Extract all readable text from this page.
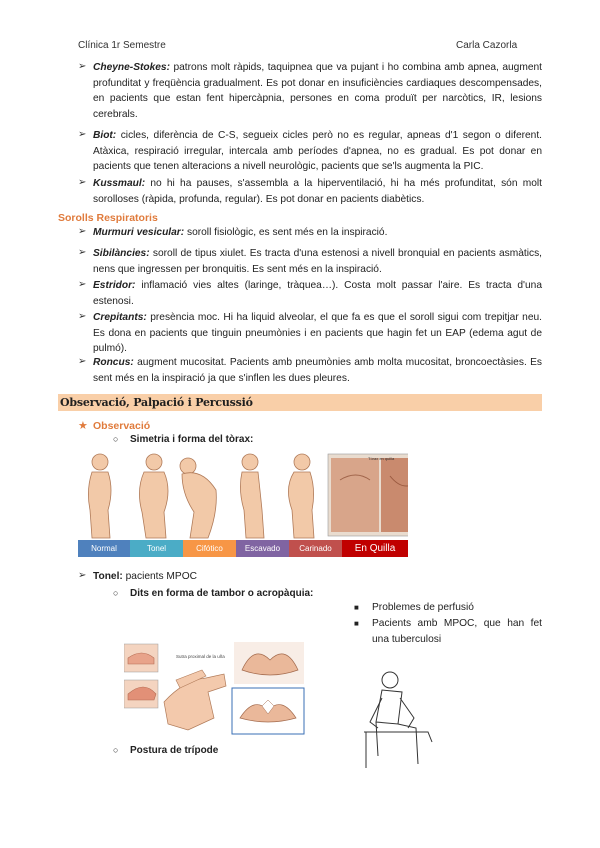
Clínica 1r Semestre	Carla Cazorla
➢ Cheyne-Stokes: patrons molt ràpids, taquipnea que va pujant i ho combina amb apnea, augment profunditat y freqüència gradualment. Es pot donar en insuficiències cardiaques descompensades, en pacients que estan fent hipercàpnia, persones en coma produït per narcòtics, IR, lesions cerebrals.
➢ Biot: cicles, diferència de C-S, segueix cicles però no es regular, apneas d'1 segon o diferent. Atàxica, respiració irregular, intercala amb períodes d'apnea, no es gradual. Es pot donar en pacients que tenen alteracions a nivell neurològic, pacients que se'ls augmenta la PIC.
➢ Kussmaul: no hi ha pauses, s'assembla a la hiperventilació, hi ha més profunditat, són molt sorolloses (ràpida, profunda, regular). Es pot donar en pacients diabètics.
Sorolls Respiratoris
➢ Murmuri vesicular: soroll fisiològic, es sent més en la inspiració.
➢ Sibilàncies: soroll de tipus xiulet. Es tracta d'una estenosi a nivell bronquial en pacients asmàtics, nens que ingressen per bronquitis. Es sent més en la inspiració.
➢ Estridor: inflamació vies altes (laringe, tràquea…). Costa molt passar l'aire. Es tracta d'una estenosi.
➢ Crepitants: presència moc. Hi ha liquid alveolar, el que fa es que el soroll sigui com trepitjar neu. Es dona en pacients que tinguin pneumònies i en pacients que hagin fet un EAP (edema agut de pulmó).
➢ Roncus: augment mucositat. Pacients amb pneumònies amb molta mucositat, broncoectàsies. Es sent més en la inspiració ja que s'inflen les dues pleures.
Observació, Palpació i Percussió
★ Observació
○ Simetria i forma del tòrax:
Tórax en quilla
Normal	Tonel	Cifótico	Escavado	Carinado	En Quilla
➢ Tonel: pacients MPOC
○ Dits en forma de tambor o acropàquia:
■ Problemes de perfusió
■ Pacients amb MPOC, que han fet una tuberculosi
Sutra proximal de la uña
○ Postura de trípode
